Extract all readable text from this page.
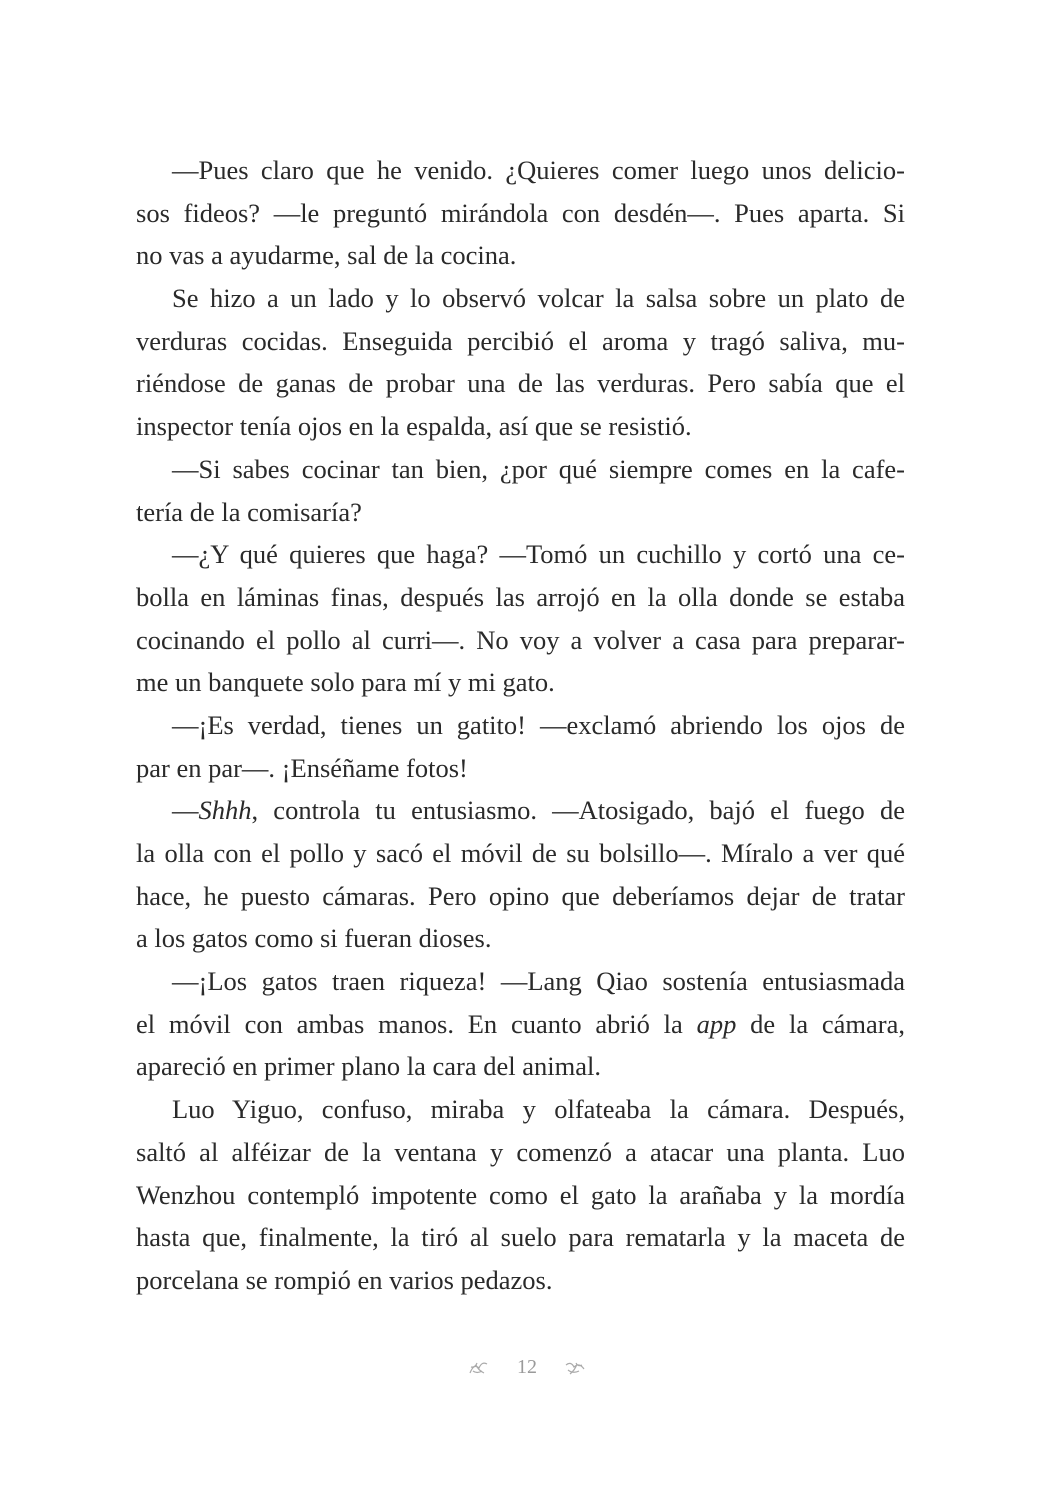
—Pues claro que he venido. ¿Quieres comer luego unos delicio-
sos fideos? —le preguntó mirándola con desdén—. Pues aparta. Si
no vas a ayudarme, sal de la cocina.
Se hizo a un lado y lo observó volcar la salsa sobre un plato de
verduras cocidas. Enseguida percibió el aroma y tragó saliva, mu-
riéndose de ganas de probar una de las verduras. Pero sabía que el
inspector tenía ojos en la espalda, así que se resistió.
—Si sabes cocinar tan bien, ¿por qué siempre comes en la cafe-
tería de la comisaría?
—¿Y qué quieres que haga? —Tomó un cuchillo y cortó una ce-
bolla en láminas finas, después las arrojó en la olla donde se estaba
cocinando el pollo al curri—. No voy a volver a casa para preparar-
me un banquete solo para mí y mi gato.
—¡Es verdad, tienes un gatito! —exclamó abriendo los ojos de
par en par—. ¡Enséñame fotos!
—Shhh, controla tu entusiasmo. —Atosigado, bajó el fuego de
la olla con el pollo y sacó el móvil de su bolsillo—. Míralo a ver qué
hace, he puesto cámaras. Pero opino que deberíamos dejar de tratar
a los gatos como si fueran dioses.
—¡Los gatos traen riqueza! —Lang Qiao sostenía entusiasmada
el móvil con ambas manos. En cuanto abrió la app de la cámara,
apareció en primer plano la cara del animal.
Luo Yiguo, confuso, miraba y olfateaba la cámara. Después,
saltó al alféizar de la ventana y comenzó a atacar una planta. Luo
Wenzhou contempló impotente como el gato la arañaba y la mordía
hasta que, finalmente, la tiró al suelo para rematarla y la maceta de
porcelana se rompió en varios pedazos.
12
